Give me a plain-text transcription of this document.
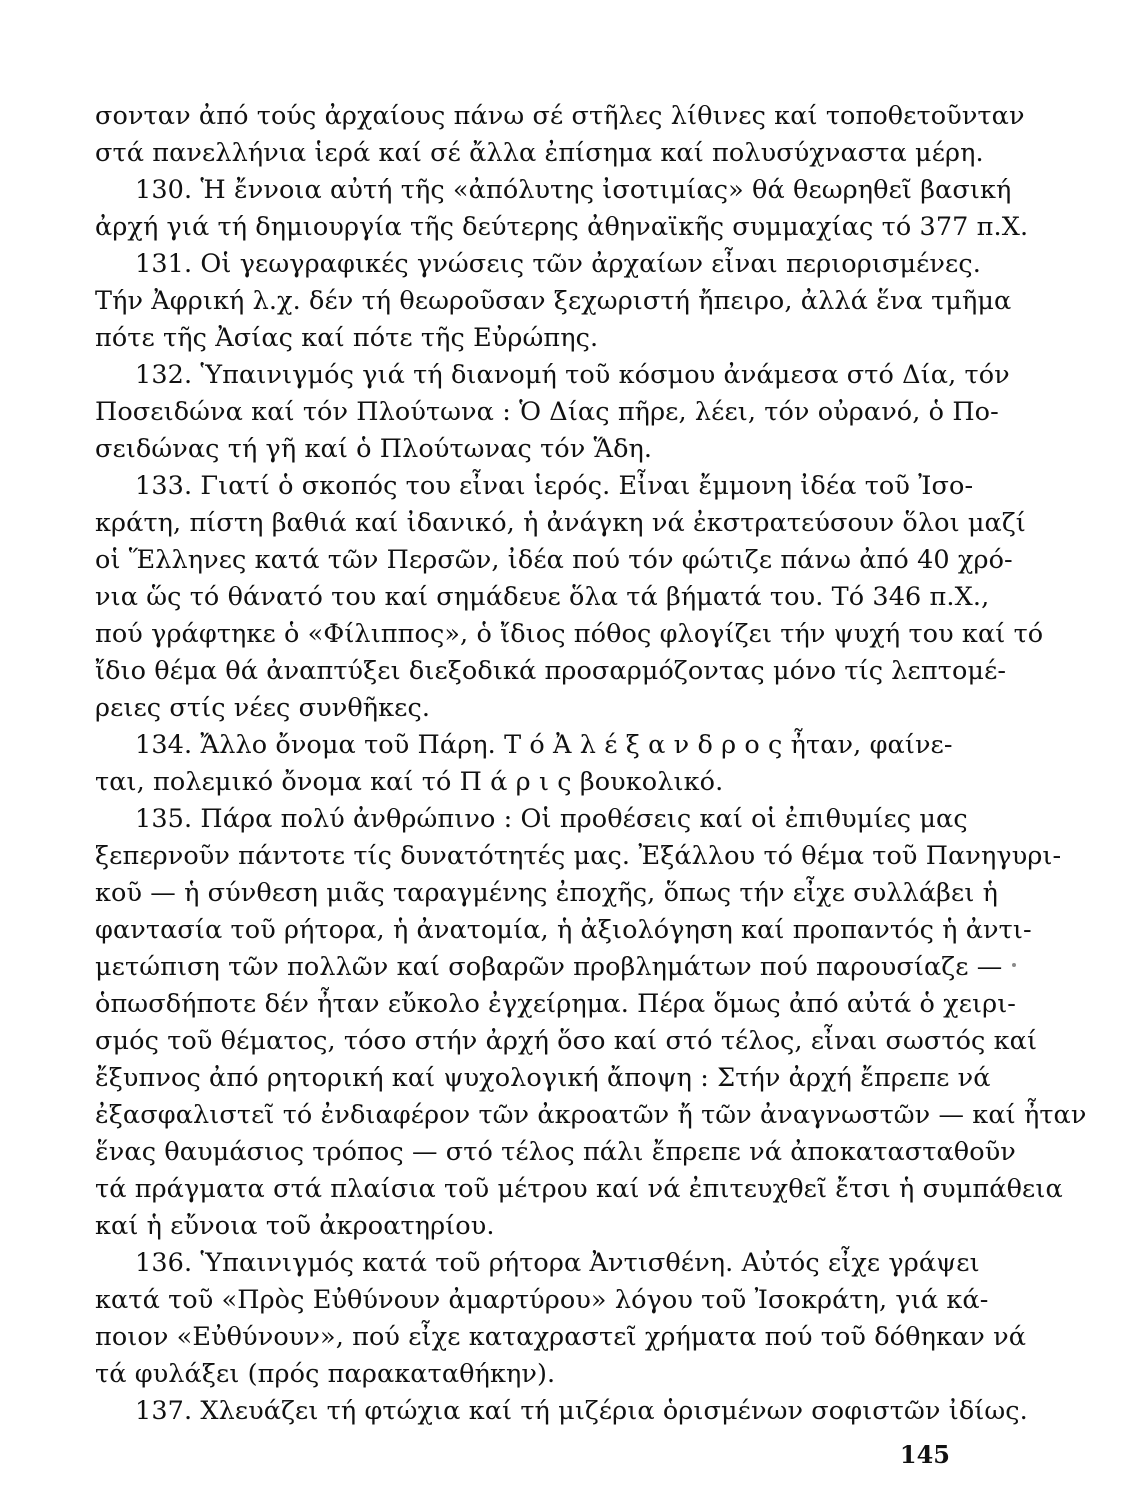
σονταν ἀπό τούς ἀρχαίους πάνω σέ στῆλες λίθινες καί τοποθετοῦνταν
στά πανελλήνια ἱερά καί σέ ἄλλα ἐπίσημα καί πολυσύχναστα μέρη.
130. Ἡ ἔννοια αὐτή τῆς «ἀπόλυτης ἰσοτιμίας» θά θεωρηθεῖ βασική
ἀρχή γιά τή δημιουργία τῆς δεύτερης ἀθηναϊκῆς συμμαχίας τό 377 π.Χ.
131. Οἱ γεωγραφικές γνώσεις τῶν ἀρχαίων εἶναι περιορισμένες.
Τήν Ἀφρική λ.χ. δέν τή θεωροῦσαν ξεχωριστή ἤπειρο, ἀλλά ἕνα τμῆμα
πότε τῆς Ἀσίας καί πότε τῆς Εὐρώπης.
132. Ὑπαινιγμός γιά τή διανομή τοῦ κόσμου ἀνάμεσα στό Δία, τόν
Ποσειδώνα καί τόν Πλούτωνα : Ὁ Δίας πῆρε, λέει, τόν οὐρανό, ὁ Πο-
σειδώνας τή γῆ καί ὁ Πλούτωνας τόν Ἅδη.
133. Γιατί ὁ σκοπός του εἶναι ἱερός. Εἶναι ἔμμονη ἰδέα τοῦ Ἰσο-
κράτη, πίστη βαθιά καί ἰδανικό, ἡ ἀνάγκη νά ἐκστρατεύσουν ὅλοι μαζί
οἱ Ἕλληνες κατά τῶν Περσῶν, ἰδέα πού τόν φώτιζε πάνω ἀπό 40 χρό-
νια ὥς τό θάνατό του καί σημάδευε ὅλα τά βήματά του. Τό 346 π.Χ.,
πού γράφτηκε ὁ «Φίλιππος», ὁ ἴδιος πόθος φλογίζει τήν ψυχή του καί τό
ἴδιο θέμα θά ἀναπτύξει διεξοδικά προσαρμόζοντας μόνο τίς λεπτομέ-
ρειες στίς νέες συνθῆκες.
134. Ἄλλο ὄνομα τοῦ Πάρη. Τ ό Ἀ λ έ ξ α ν δ ρ ο ς ἦταν, φαίνε-
ται, πολεμικό ὄνομα καί τό Π ά ρ ι ς βουκολικό.
135. Πάρα πολύ ἀνθρώπινο : Οἱ προθέσεις καί οἱ ἐπιθυμίες μας
ξεπερνοῦν πάντοτε τίς δυνατότητές μας. Ἐξάλλου τό θέμα τοῦ Πανηγυρι-
κοῦ — ἡ σύνθεση μιᾶς ταραγμένης ἐποχῆς, ὅπως τήν εἶχε συλλάβει ἡ
φαντασία τοῦ ρήτορα, ἡ ἀνατομία, ἡ ἀξιολόγηση καί προπαντός ἡ ἀντι-
μετώπιση τῶν πολλῶν καί σοβαρῶν προβλημάτων πού παρουσίαζε —
ὁπωσδήποτε δέν ἦταν εὔκολο ἐγχείρημα. Πέρα ὅμως ἀπό αὐτά ὁ χειρι-
σμός τοῦ θέματος, τόσο στήν ἀρχή ὅσο καί στό τέλος, εἶναι σωστός καί
ἔξυπνος ἀπό ρητορική καί ψυχολογική ἄποψη : Στήν ἀρχή ἔπρεπε νά
ἐξασφαλιστεῖ τό ἐνδιαφέρον τῶν ἀκροατῶν ἤ τῶν ἀναγνωστῶν — καί ἦταν
ἕνας θαυμάσιος τρόπος — στό τέλος πάλι ἔπρεπε νά ἀποκατασταθοῦν
τά πράγματα στά πλαίσια τοῦ μέτρου καί νά ἐπιτευχθεῖ ἔτσι ἡ συμπάθεια
καί ἡ εὔνοια τοῦ ἀκροατηρίου.
136. Ὑπαινιγμός κατά τοῦ ρήτορα Ἀντισθένη. Αὐτός εἶχε γράψει
κατά τοῦ «Πρὸς Εὐθύνουν ἀμαρτύρου» λόγου τοῦ Ἰσοκράτη, γιά κά-
ποιον «Εὐθύνουν», πού εἶχε καταχραστεῖ χρήματα πού τοῦ δόθηκαν νά
τά φυλάξει (πρός παρακαταθήκην).
137. Χλευάζει τή φτώχια καί τή μιζέρια ὁρισμένων σοφιστῶν ἰδίως.
145
